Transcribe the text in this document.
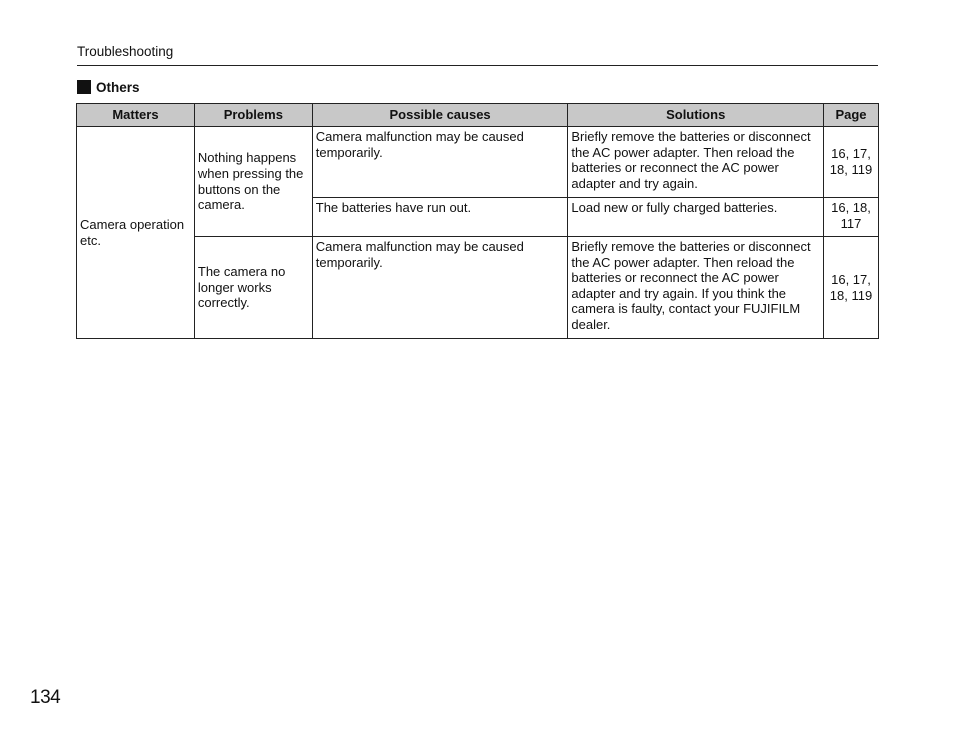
Troubleshooting
Others
Matters	Problems	Possible causes	Solutions	Page
Camera operation etc.	Nothing happens when pressing the buttons on the camera.	Camera malfunction may be caused temporarily.	Briefly remove the batteries or disconnect the AC power adapter. Then reload the batteries or reconnect the AC power adapter and try again.	16, 17, 18, 119
		The batteries have run out.	Load new or fully charged batteries.	16, 18, 117
	The camera no longer works correctly.	Camera malfunction may be caused temporarily.	Briefly remove the batteries or disconnect the AC power adapter. Then reload the batteries or reconnect the AC power adapter and try again. If you think the camera is faulty, contact your FUJIFILM dealer.	16, 17, 18, 119
134
